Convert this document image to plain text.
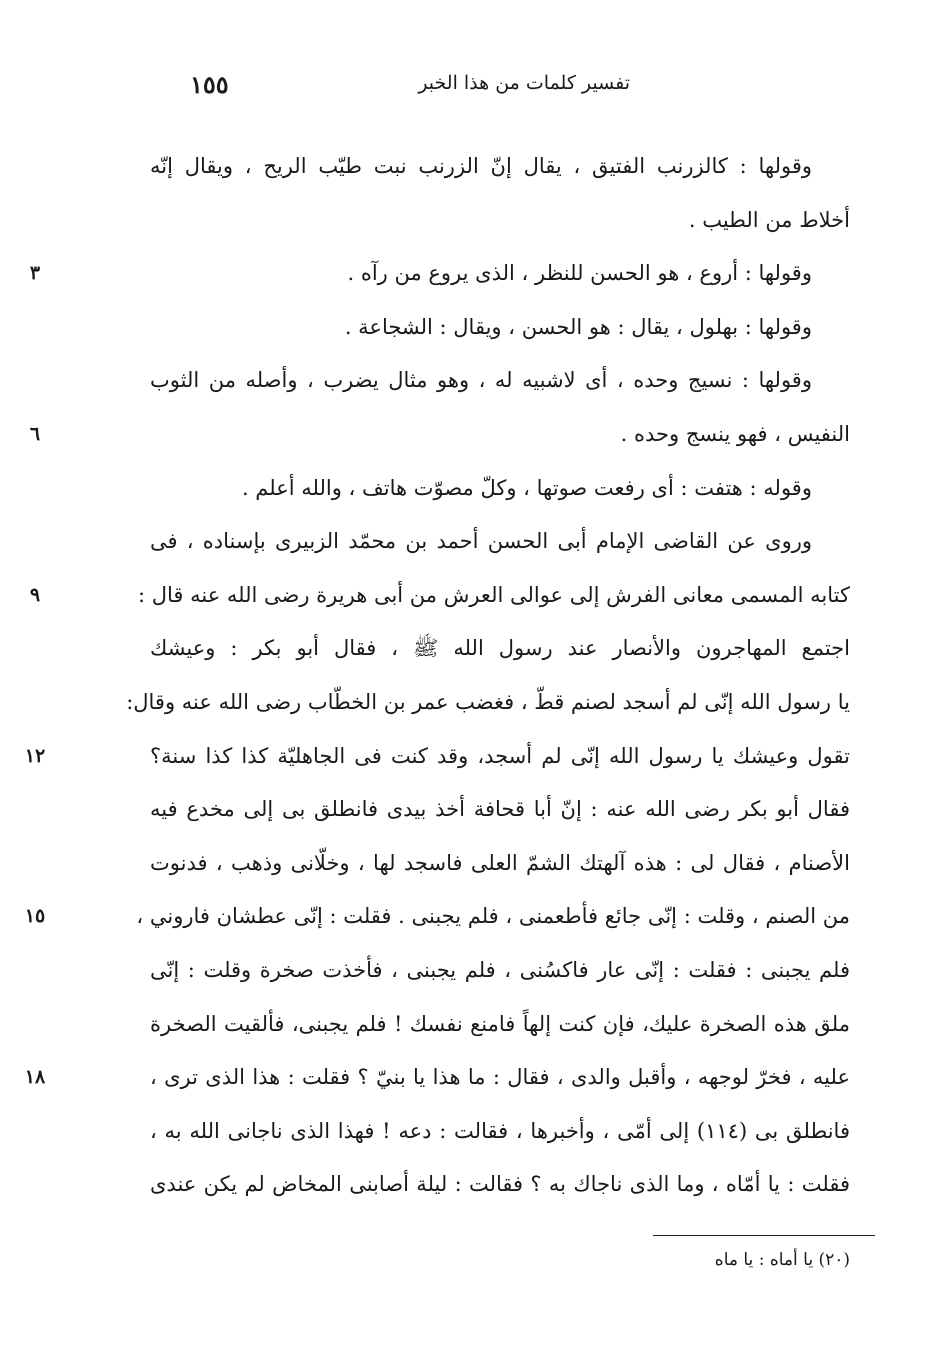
١٥٥	تفسير كلمات من هذا الخبر
وقولها : كالزرنب الفتيق ، يقال إنّ الزرنب نبت طيّب الريح ، ويقال إنّه
أخلاط من الطيب .
وقولها : أروع ، هو الحسن للنظر ، الذى يروع من رآه .
٣
وقولها : بهلول ، يقال : هو الحسن ، ويقال : الشجاعة .
وقولها : نسيج وحده ، أى لاشبيه له ، وهو مثال يضرب ، وأصله من الثوب
النفيس ، فهو ينسج وحده .
٦
وقوله : هتفت : أى رفعت صوتها ، وكلّ مصوّت هاتف ، والله أعلم .
وروى عن القاضى الإمام أبى الحسن أحمد بن محمّد الزبيرى بإسناده ، فى
كتابه المسمى معانى الفرش إلى عوالى العرش من أبى هريرة رضى الله عنه قال :
٩
اجتمع المهاجرون والأنصار عند رسول الله ﷺ ، فقال أبو بكر : وعيشك
يا رسول الله إنّى لم أسجد لصنم قطّ ، فغضب عمر بن الخطّاب رضى الله عنه وقال:
تقول وعيشك يا رسول الله إنّى لم أسجد، وقد كنت فى الجاهليّة كذا كذا سنة؟
١٢
فقال أبو بكر رضى الله عنه : إنّ أبا قحافة أخذ بيدى فانطلق بى إلى مخدع فيه
الأصنام ، فقال لى : هذه آلهتك الشمّ العلى فاسجد لها ، وخلّانى وذهب ، فدنوت
من الصنم ، وقلت : إنّى جائع فأطعمنى ، فلم يجبنى . فقلت : إنّى عطشان فاروني ،
١٥
فلم يجبنى : فقلت : إنّى عار فاكسُنى ، فلم يجبنى ، فأخذت صخرة وقلت : إنّى
ملق هذه الصخرة عليك، فإن كنت إلهاً فامنع نفسك ! فلم يجبنى، فألقيت الصخرة
عليه ، فخرّ لوجهه ، وأقبل والدى ، فقال : ما هذا يا بنيّ ؟ فقلت : هذا الذى ترى ،
١٨
فانطلق بى (١١٤) إلى أمّى ، وأخبرها ، فقالت : دعه ! فهذا الذى ناجانى الله به ،
فقلت : يا أمّاه ، وما الذى ناجاك به ؟ فقالت : ليلة أصابنى المخاض لم يكن عندى
(٢٠) يا أماه : يا ماه
